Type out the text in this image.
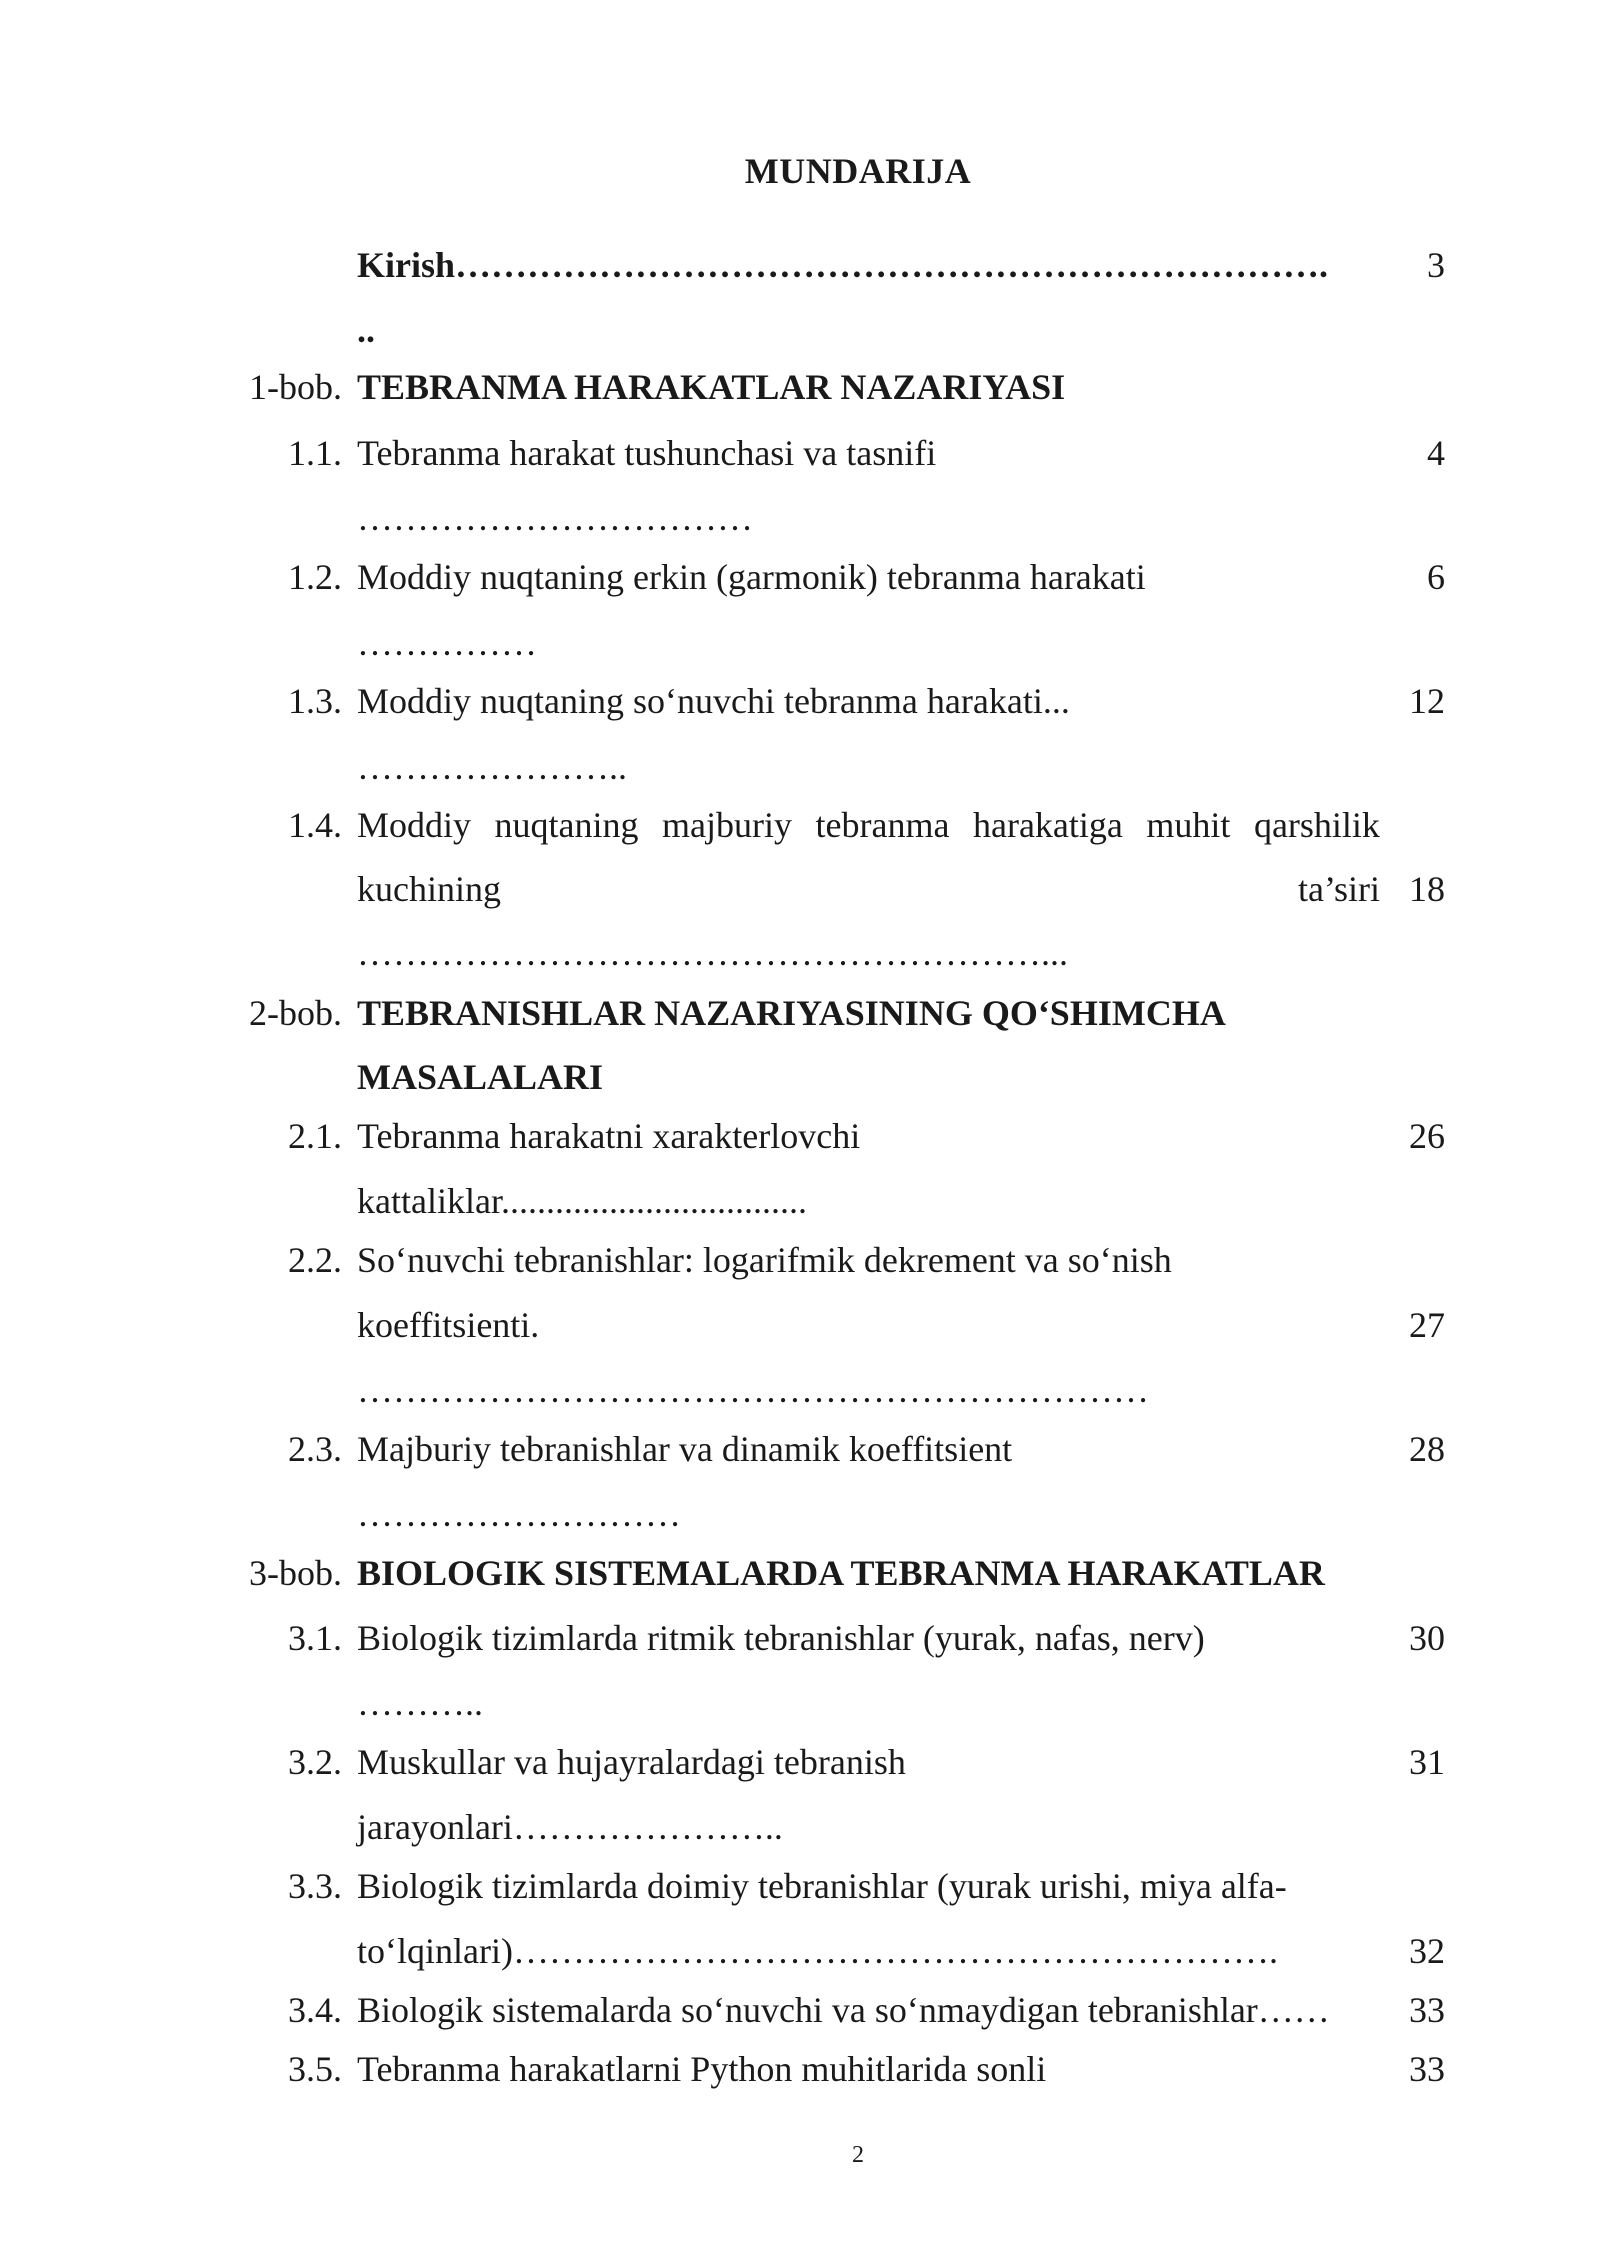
MUNDARIJA
Kirish……………………………………………………………….	3
..
1-bob. TEBRANMA HARAKATLAR NAZARIYASI
1.1. Tebranma harakat tushunchasi va tasnifi	4
……………………………
1.2. Moddiy nuqtaning erkin (garmonik) tebranma harakati	6
……………
1.3. Moddiy nuqtaning so‘nuvchi tebranma harakati...	12
…………………..
1.4. Moddiy nuqtaning majburiy tebranma harakatiga muhit qarshilik
kuchining	ta’siri 18
…………………………………………………...
2-bob. TEBRANISHLAR NAZARIYASINING QO‘SHIMCHA
MASALALARI
2.1. Tebranma harakatni xarakterlovchi	26
kattaliklar..................................
2.2. So‘nuvchi tebranishlar: logarifmik dekrement va so‘nish
koeffitsienti.	27
…………………………………………………………
2.3. Majburiy tebranishlar va dinamik koeffitsient	28
………………………
3-bob. BIOLOGIK SISTEMALARDA TEBRANMA HARAKATLAR
3.1. Biologik tizimlarda ritmik tebranishlar (yurak, nafas, nerv)	30
………..
3.2. Muskullar va hujayralardagi tebranish	31
jarayonlari…………………..
3.3. Biologik tizimlarda doimiy tebranishlar (yurak urishi, miya alfa-
to‘lqinlari)……………………………………………………….	32
3.4. Biologik sistemalarda so‘nuvchi va so‘nmaydigan tebranishlar…… 33
3.5. Tebranma harakatlarni Python muhitlarida sonli	33
2
